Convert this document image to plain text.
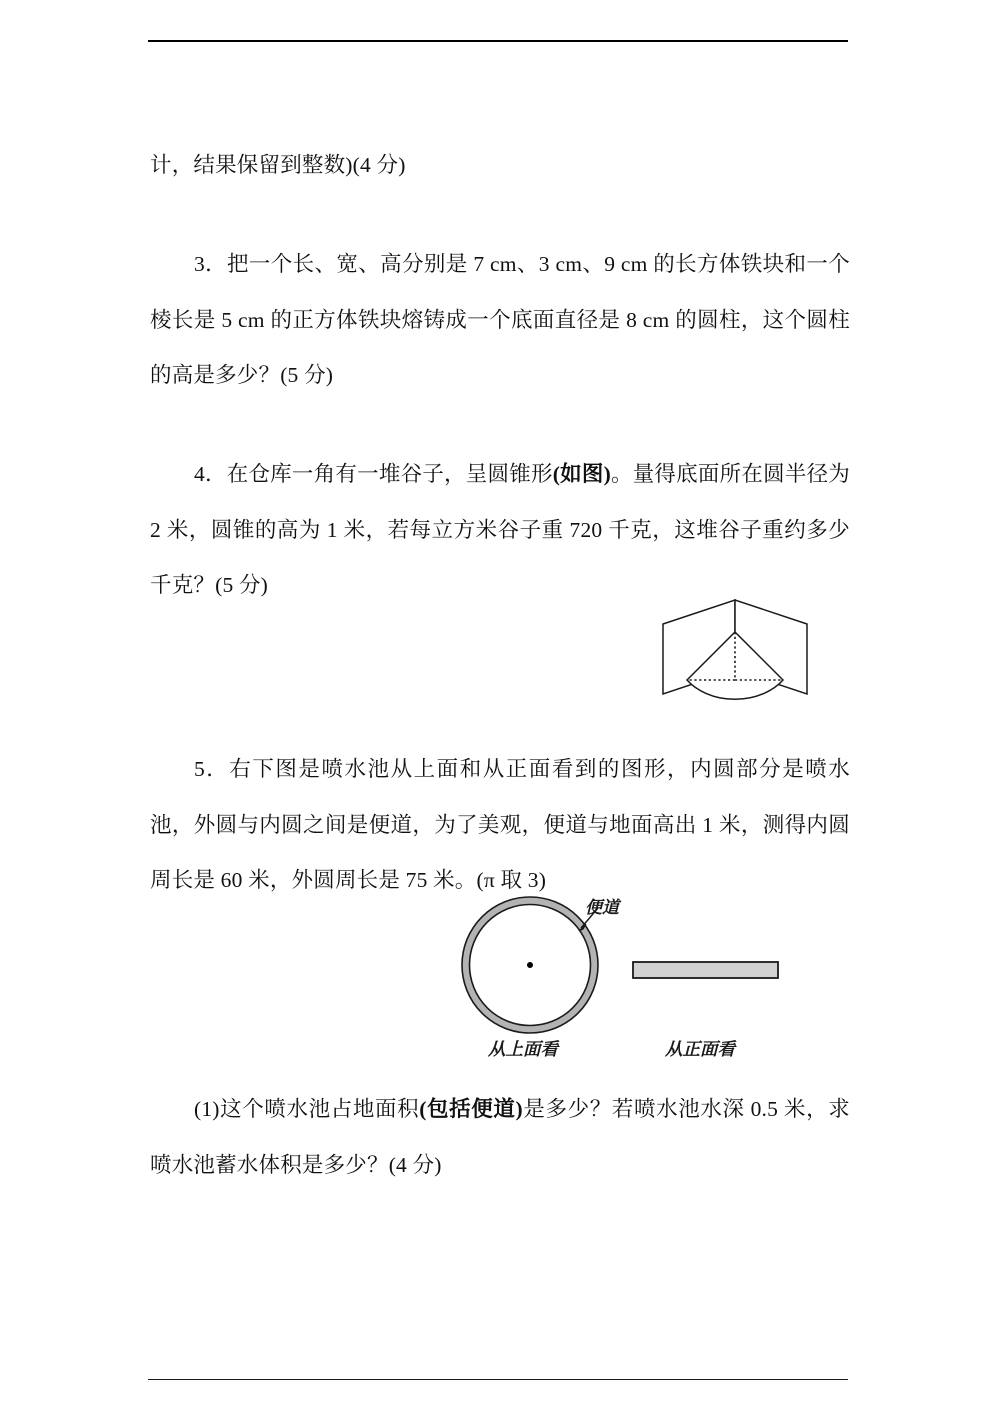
计，结果保留到整数)(4 分)
3．把一个长、宽、高分别是 7 cm、3 cm、9 cm 的长方体铁块和一个棱长是 5 cm 的正方体铁块熔铸成一个底面直径是 8 cm 的圆柱，这个圆柱的高是多少？(5 分)
4．在仓库一角有一堆谷子，呈圆锥形(如图)。量得底面所在圆半径为 2 米，圆锥的高为 1 米，若每立方米谷子重 720 千克，这堆谷子重约多少千克？(5 分)
5．右下图是喷水池从上面和从正面看到的图形，内圆部分是喷水池，外圆与内圆之间是便道，为了美观，便道与地面高出 1 米，测得内圆周长是 60 米，外圆周长是 75 米。(π 取 3)
便道
从上面看	从正面看
(1)这个喷水池占地面积(包括便道)是多少？若喷水池水深 0.5 米，求喷水池蓄水体积是多少？(4 分)
